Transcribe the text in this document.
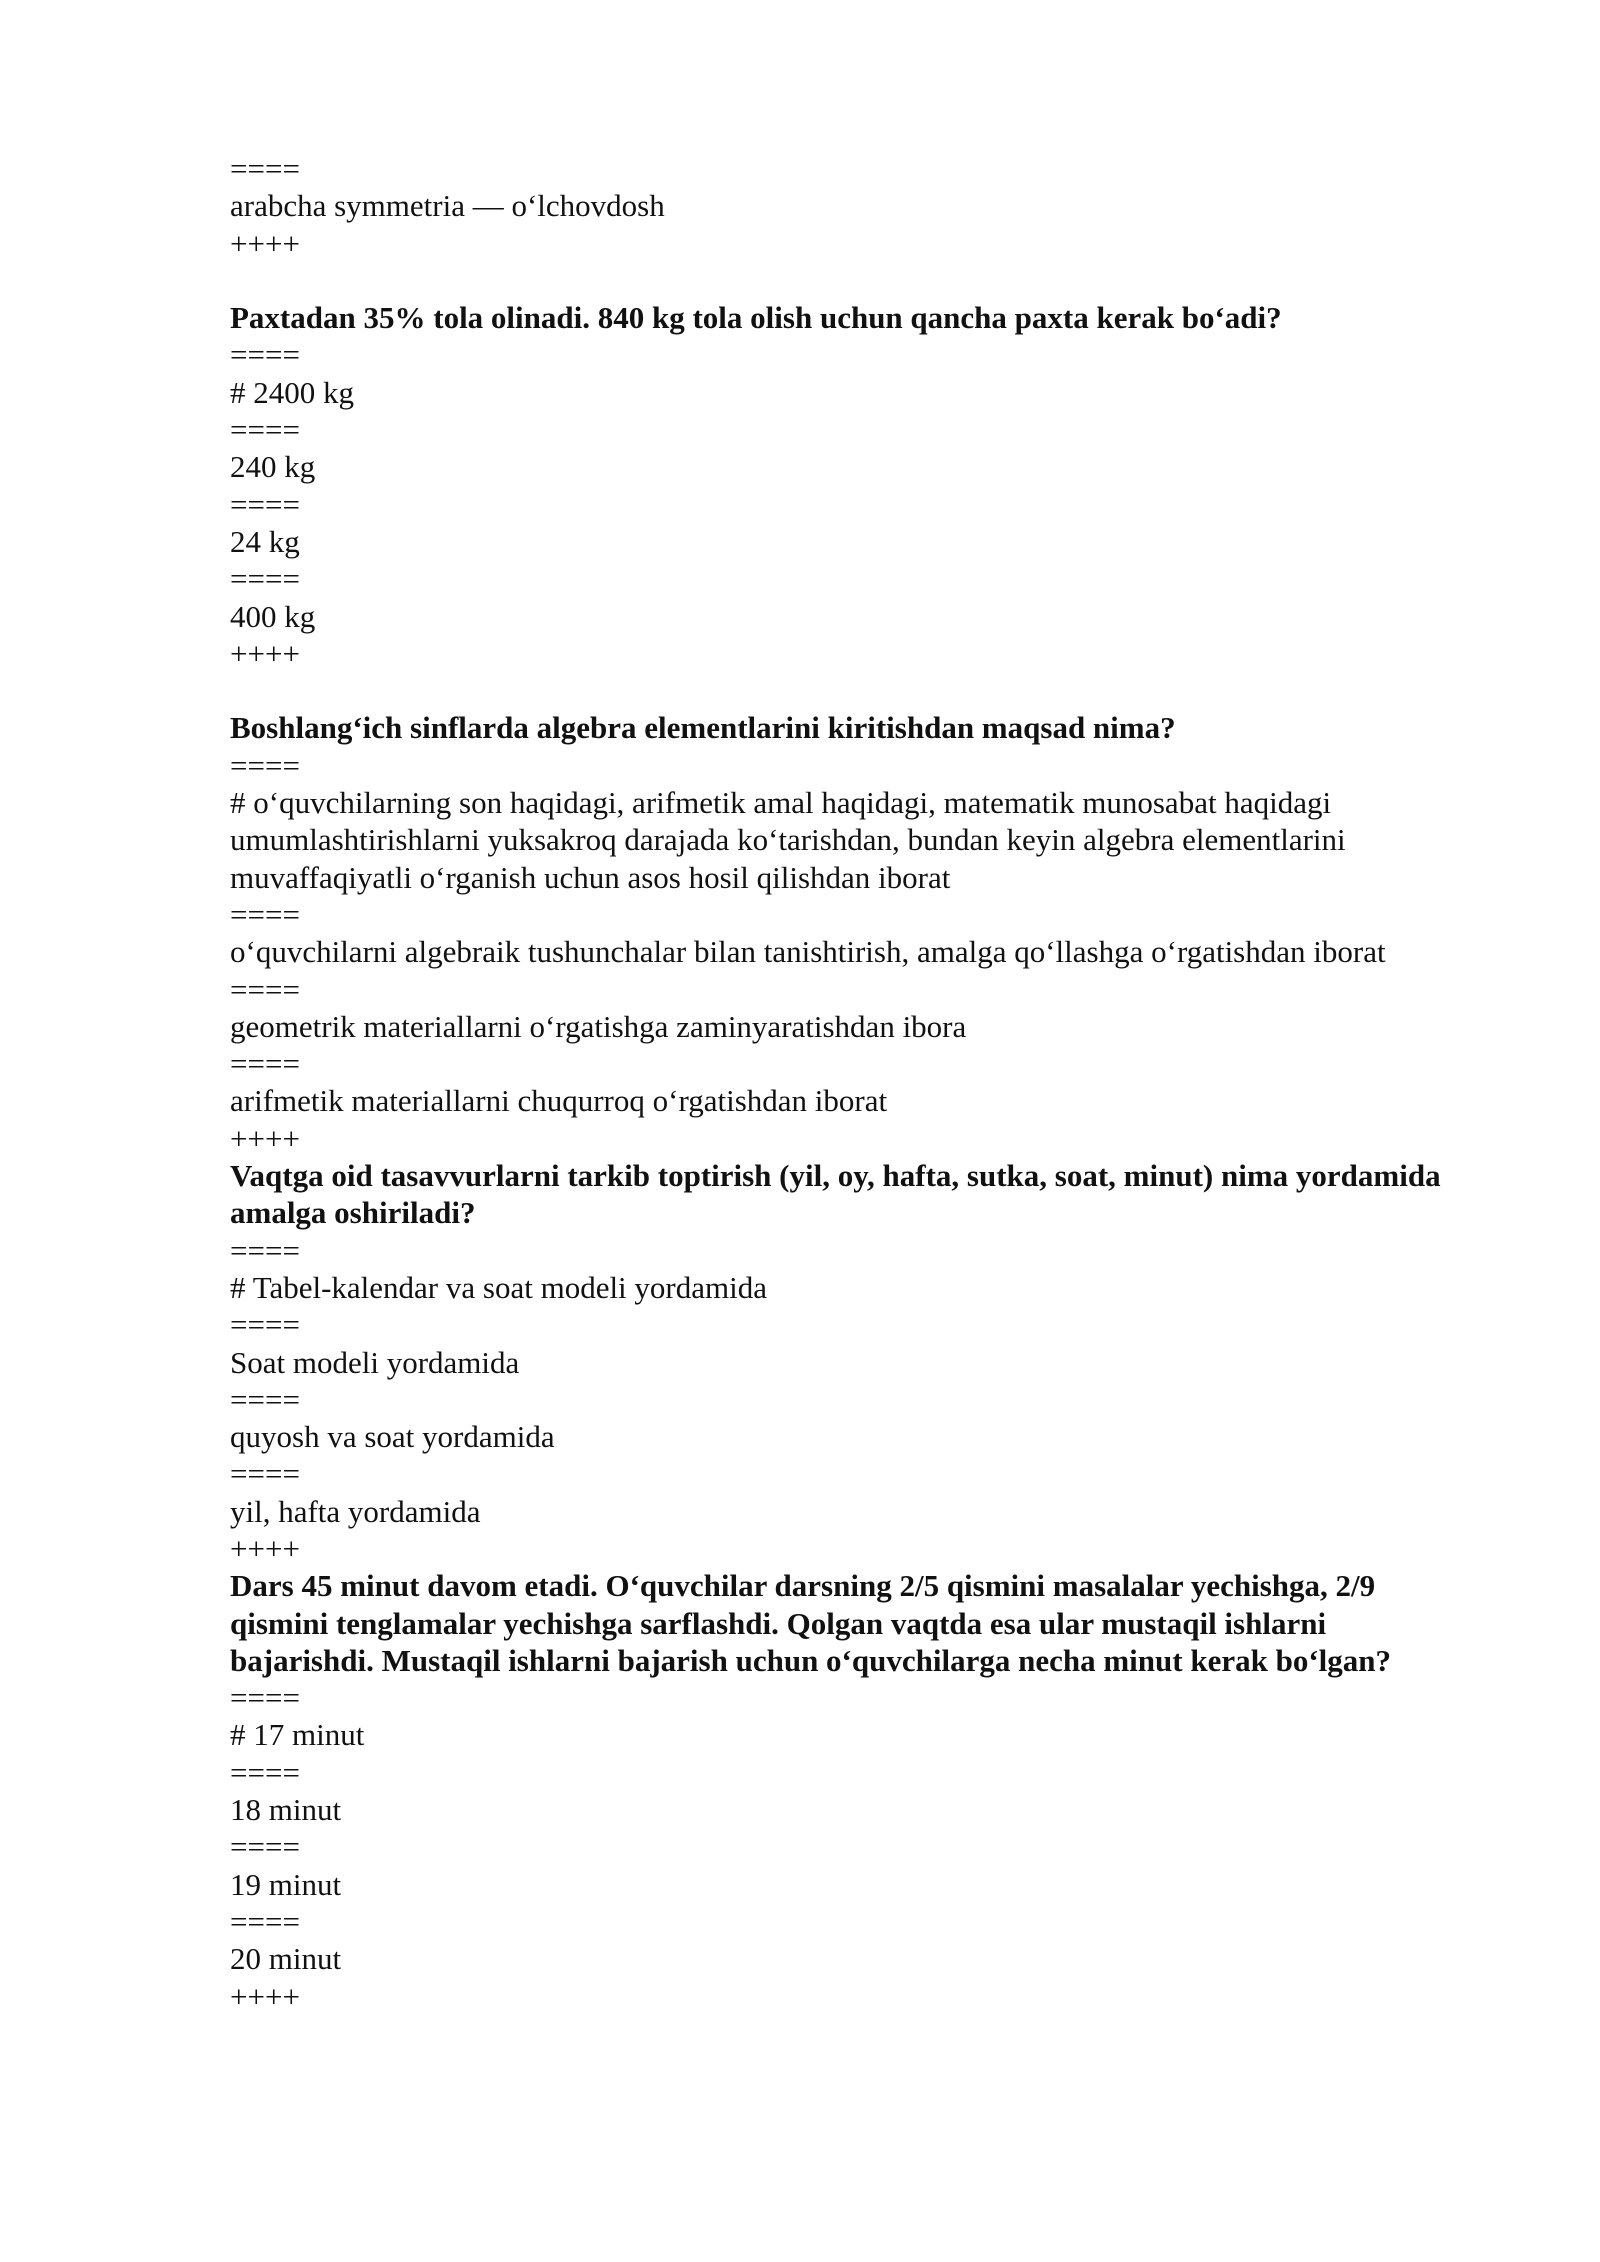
====
arabcha symmetria — oʻlchovdosh
++++
Paxtadan 35% tola olinadi. 840 kg tola olish uchun qancha paxta kerak boʻadi?
====
# 2400 kg
====
240 kg
====
24 kg
====
400 kg
++++
Boshlangʻich sinflarda algebra elementlarini kiritishdan maqsad nima?
====
# oʻquvchilarning son haqidagi, arifmetik amal haqidagi, matematik munosabat haqidagi umumlashtirishlarni yuksakroq darajada koʻtarishdan, bundan keyin algebra elementlarini muvaffaqiyatli oʻrganish uchun asos hosil qilishdan iborat
====
oʻquvchilarni algebraik tushunchalar bilan tanishtirish, amalga qoʻllashga oʻrgatishdan iborat
====
geometrik materiallarni oʻrgatishga zaminyaratishdan ibora
====
arifmetik materiallarni chuqurroq oʻrgatishdan iborat
++++
Vaqtga oid tasavvurlarni tarkib toptirish (yil, oy, hafta, sutka, soat, minut) nima yordamida amalga oshiriladi?
====
# Tabel-kalendar va soat modeli yordamida
====
Soat modeli yordamida
====
quyosh va soat yordamida
====
yil, hafta yordamida
++++
Dars 45 minut davom etadi. Oʻquvchilar darsning 2/5 qismini masalalar yechishga, 2/9 qismini tenglamalar yechishga sarflashdi. Qolgan vaqtda esa ular mustaqil ishlarni bajarishdi. Mustaqil ishlarni bajarish uchun oʻquvchilarga necha minut kerak boʻlgan?
====
# 17 minut
====
18 minut
====
19 minut
====
20 minut
++++
